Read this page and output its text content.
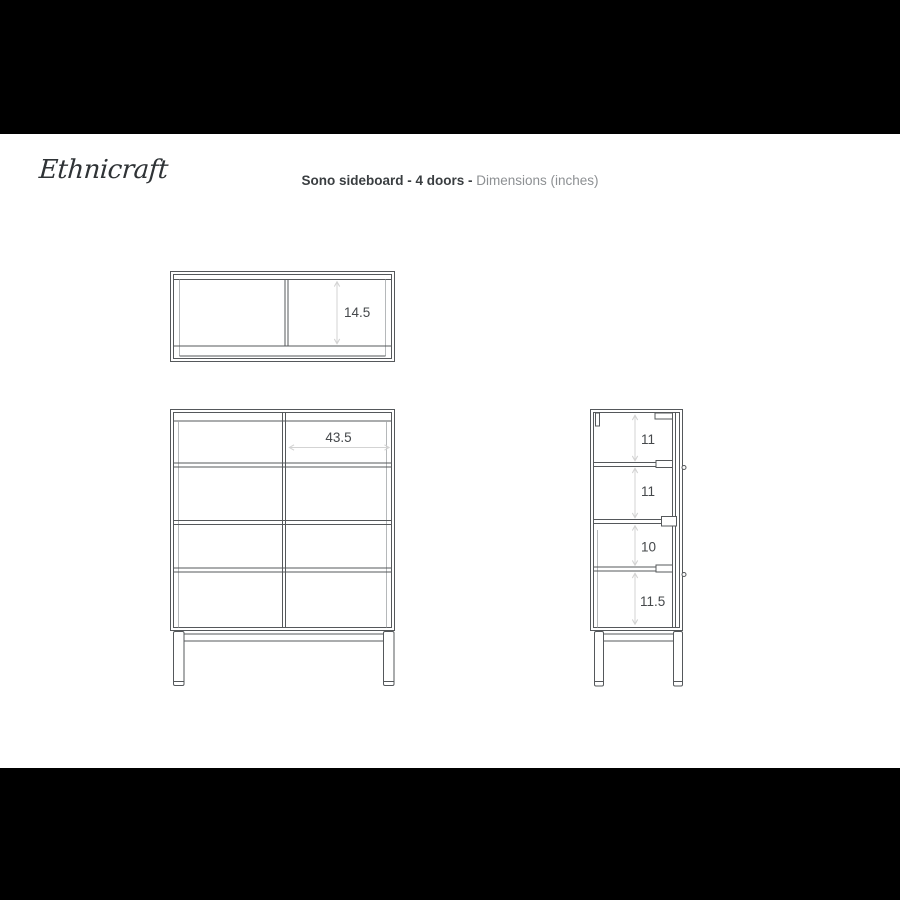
Ethnicraft	Sono sideboard - 4 doors - Dimensions (inches)
14.5
43.5	11
11
10
11.5
